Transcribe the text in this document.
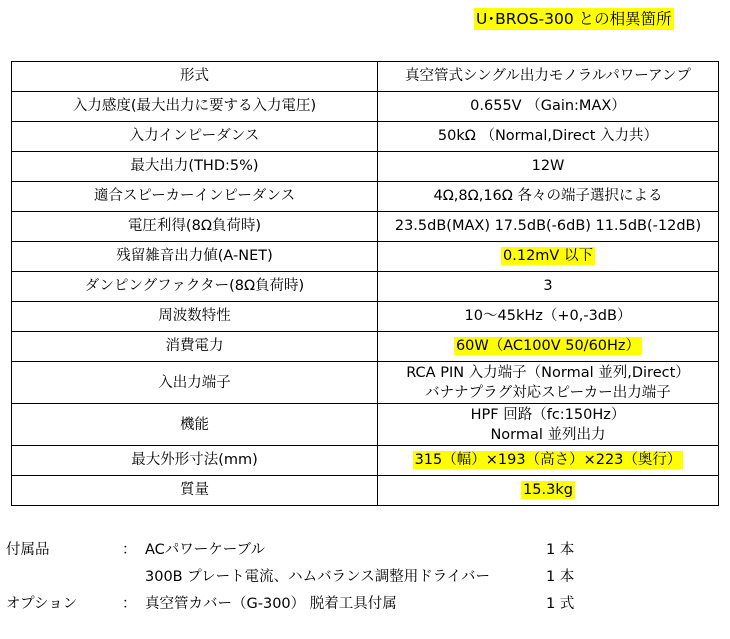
U･BROS-300 との相異箇所
形式	真空管式シングル出力モノラルパワーアンプ
入力感度(最大出力に要する入力電圧)	0.655V （Gain:MAX）
入力インピーダンス	50kΩ （Normal,Direct 入力共）
最大出力(THD:5%)	12W
適合スピーカーインピーダンス	4Ω,8Ω,16Ω 各々の端子選択による
電圧利得(8Ω負荷時)	23.5dB(MAX) 17.5dB(-6dB) 11.5dB(-12dB)
残留雑音出力値(A-NET)	0.12mV 以下
ダンピングファクター(8Ω負荷時)	3
周波数特性	10～45kHz（+0,-3dB）
消費電力	60W（AC100V 50/60Hz）
入出力端子	RCA PIN 入力端子（Normal 並列,Direct）
バナナプラグ対応スピーカー出力端子

機能	HPF 回路（fc:150Hz）
Normal 並列出力

最大外形寸法(mm)	315（幅）×193（高さ）×223（奥行）
質量	15.3kg
付属品	： ACパワーケーブル	1 本
300B プレート電流、ハムバランス調整用ドライバー	1 本
オプション	： 真空管カバー（G-300） 脱着工具付属	1 式
